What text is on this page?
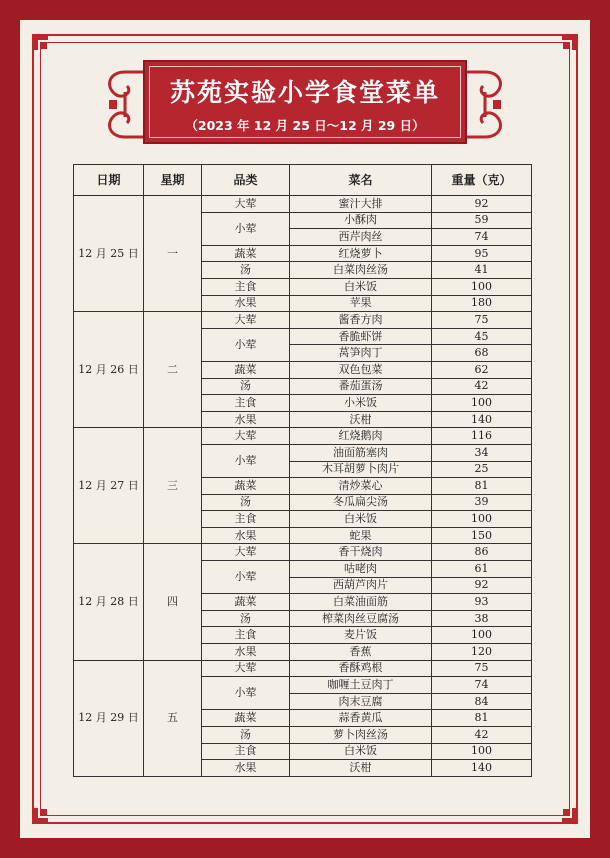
苏苑实验小学食堂菜单
（2023 年 12 月 25 日～12 月 29 日）
日期	星期	品类	菜名	重量（克）
12 月 25 日	一	大荤	蜜汁大排	92
		小荤	小酥肉	59
			西芹肉丝	74
		蔬菜	红烧萝卜	95
		汤	白菜肉丝汤	41
		主食	白米饭	100
		水果	苹果	180
12 月 26 日	二	大荤	酱香方肉	75
		小荤	香脆虾饼	45
			莴笋肉丁	68
		蔬菜	双色包菜	62
		汤	番茄蛋汤	42
		主食	小米饭	100
		水果	沃柑	140
12 月 27 日	三	大荤	红烧鹅肉	116
		小荤	油面筋塞肉	34
			木耳胡萝卜肉片	25
		蔬菜	清炒菜心	81
		汤	冬瓜扁尖汤	39
		主食	白米饭	100
		水果	蛇果	150
12 月 28 日	四	大荤	香干烧肉	86
		小荤	咕咾肉	61
			西葫芦肉片	92
		蔬菜	白菜油面筋	93
		汤	榨菜肉丝豆腐汤	38
		主食	麦片饭	100
		水果	香蕉	120
12 月 29 日	五	大荤	香酥鸡根	75
		小荤	咖喱土豆肉丁	74
			肉末豆腐	84
		蔬菜	蒜香黄瓜	81
		汤	萝卜肉丝汤	42
		主食	白米饭	100
		水果	沃柑	140
